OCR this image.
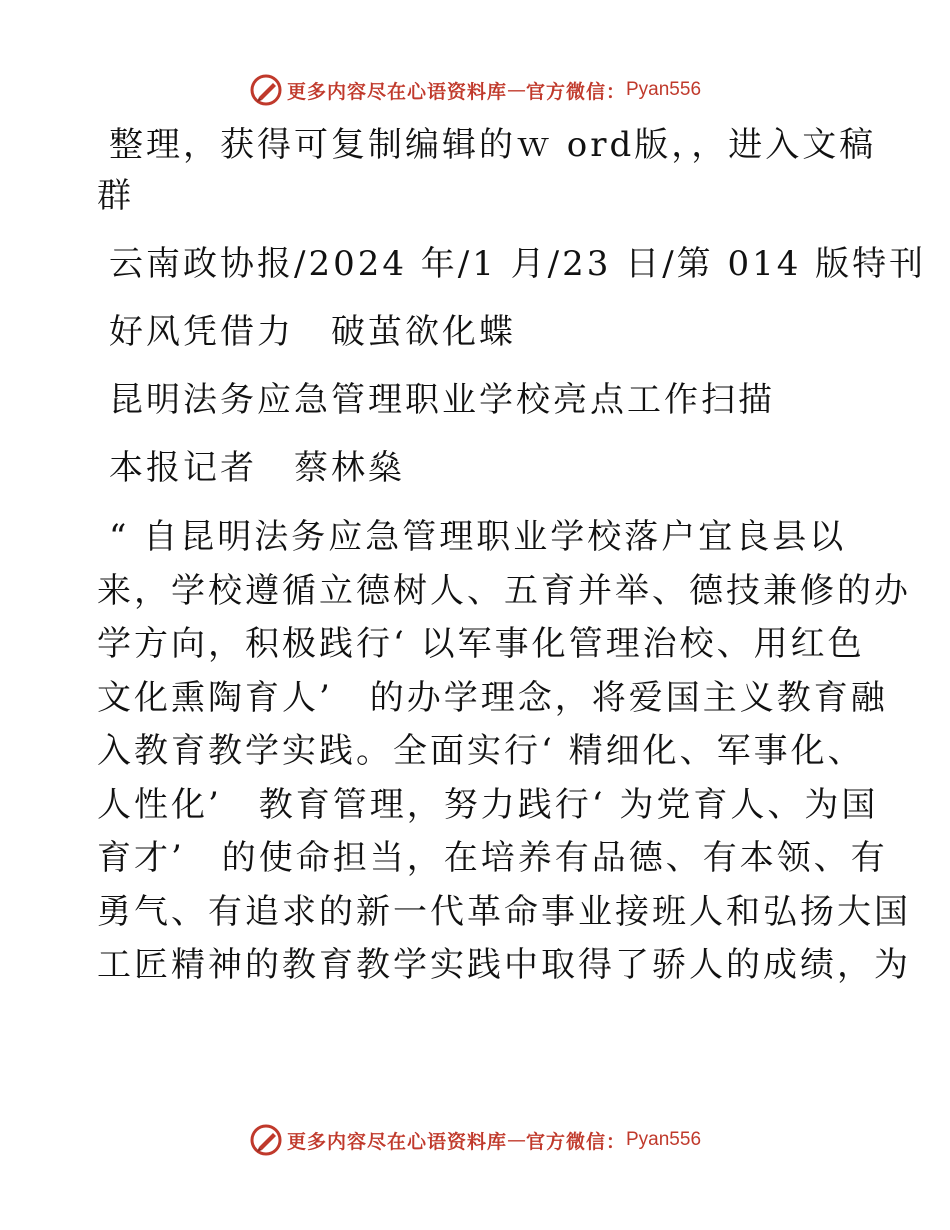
更多内容尽在心语资料库 — 官方微信： Pyan556

整理，获得可复制编辑的ｗ ord版，，进入文稿

群

云南政协报/2024 年/1 月/23 日/第 014 版特刊

好风凭借力　破茧欲化蝶

昆明法务应急管理职业学校亮点工作扫描

本报记者　蔡林燊

“ 自昆明法务应急管理职业学校落户宜良县以

来，学校遵循立德树人、五育并举、德技兼修的办

学方向，积极践行‘ 以军事化管理治校、用红色

文化熏陶育人’　的办学理念，将爱国主义教育融

入教育教学实践。全面实行‘ 精细化、军事化、

人性化’　教育管理，努力践行‘ 为党育人、为国

育才’　的使命担当，在培养有品德、有本领、有

勇气、有追求的新一代革命事业接班人和弘扬大国

工匠精神的教育教学实践中取得了骄人的成绩，为

更多内容尽在心语资料库 — 官方微信： Pyan556
